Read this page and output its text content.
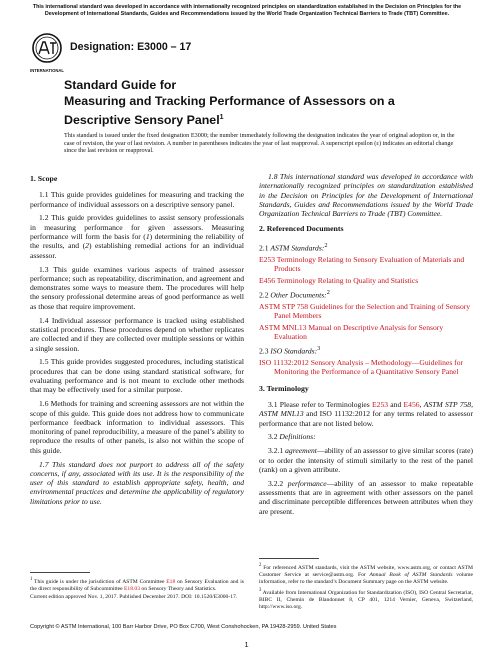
This international standard was developed in accordance with internationally recognized principles on standardization established in the Decision on Principles for the Development of International Standards, Guides and Recommendations issued by the World Trade Organization Technical Barriers to Trade (TBT) Committee.
INTERNATIONAL
Designation: E3000 – 17
Standard Guide for
Measuring and Tracking Performance of Assessors on a Descriptive Sensory Panel$^1$
This standard is issued under the fixed designation E3000; the number immediately following the designation indicates the year of original adoption or, in the case of revision, the year of last revision. A number in parentheses indicates the year of last reapproval. A superscript epsilon (ε) indicates an editorial change since the last revision or reapproval.
1. Scope

1.1 This guide provides guidelines for measuring and tracking the performance of individual assessors on a descriptive sensory panel.

1.2 This guide provides guidelines to assist sensory professionals in measuring performance for given assessors. Measuring performance will form the basis for (1) determining the reliability of the results, and (2) establishing remedial actions for an individual assessor.

1.3 This guide examines various aspects of trained assessor performance; such as repeatability, discrimination, and agreement and demonstrates some ways to measure them. The procedures will help the sensory professional determine areas of good performance as well as those that require improvement.

1.4 Individual assessor performance is tracked using established statistical procedures. These procedures depend on whether replicates are collected and if they are collected over multiple sessions or within a single session.

1.5 This guide provides suggested procedures, including statistical procedures that can be done using standard statistical software, for evaluating performance and is not meant to exclude other methods that may be effectively used for a similar purpose.

1.6 Methods for training and screening assessors are not within the scope of this guide. This guide does not address how to communicate performance feedback information to individual assessors. This monitoring of panel reproducibility, a measure of the panel’s ability to reproduce the results of other panels, is also not within the scope of this guide.

1.7 This standard does not purport to address all of the safety concerns, if any, associated with its use. It is the responsibility of the user of this standard to establish appropriate safety, health, and environmental practices and determine the applicability of regulatory limitations prior to use.

$^1$ This guide is under the jurisdiction of ASTM Committee E18 on Sensory Evaluation and is the direct responsibility of Subcommittee E18.03 on Sensory Theory and Statistics.

Current edition approved Nov. 1, 2017. Published December 2017. DOI: 10.1520/E3000-17.

1.8 This international standard was developed in accordance with internationally recognized principles on standardization established in the Decision on Principles for the Development of International Standards, Guides and Recommendations issued by the World Trade Organization Technical Barriers to Trade (TBT) Committee.

2. Referenced Documents

2.1 ASTM Standards:$^2$

E253 Terminology Relating to Sensory Evaluation of Materials and Products

E456 Terminology Relating to Quality and Statistics

2.2 Other Documents:$^2$

ASTM STP 758 Guidelines for the Selection and Training of Sensory Panel Members

ASTM MNL13 Manual on Descriptive Analysis for Sensory Evaluation

2.3 ISO Standards:$^3$

ISO 11132:2012 Sensory Analysis – Methodology—Guidelines for Monitoring the Performance of a Quantitative Sensory Panel

3. Terminology

3.1 Please refer to Terminologies E253 and E456, ASTM STP 758, ASTM MNL13 and ISO 11132:2012 for any terms related to assessor performance that are not listed below.

3.2 Definitions:

3.2.1 agreement—ability of an assessor to give similar scores (rate) or to order the intensity of stimuli similarly to the rest of the panel (rank) on a given attribute.

3.2.2 performance—ability of an assessor to make repeatable assessments that are in agreement with other assessors on the panel and discriminate perceptible differences between attributes when they are present.

$^2$ For referenced ASTM standards, visit the ASTM website, www.astm.org, or contact ASTM Customer Service at service@astm.org. For Annual Book of ASTM Standards volume information, refer to the standard’s Document Summary page on the ASTM website.

$^3$ Available from International Organization for Standardization (ISO), ISO Central Secretariat, BIBC II, Chemin de Blandonnet 8, CP 401, 1214 Vernier, Geneva, Switzerland, http://www.iso.org.

Copyright © ASTM International, 100 Barr Harbor Drive, PO Box C700, West Conshohocken, PA 19428-2959. United States
1
